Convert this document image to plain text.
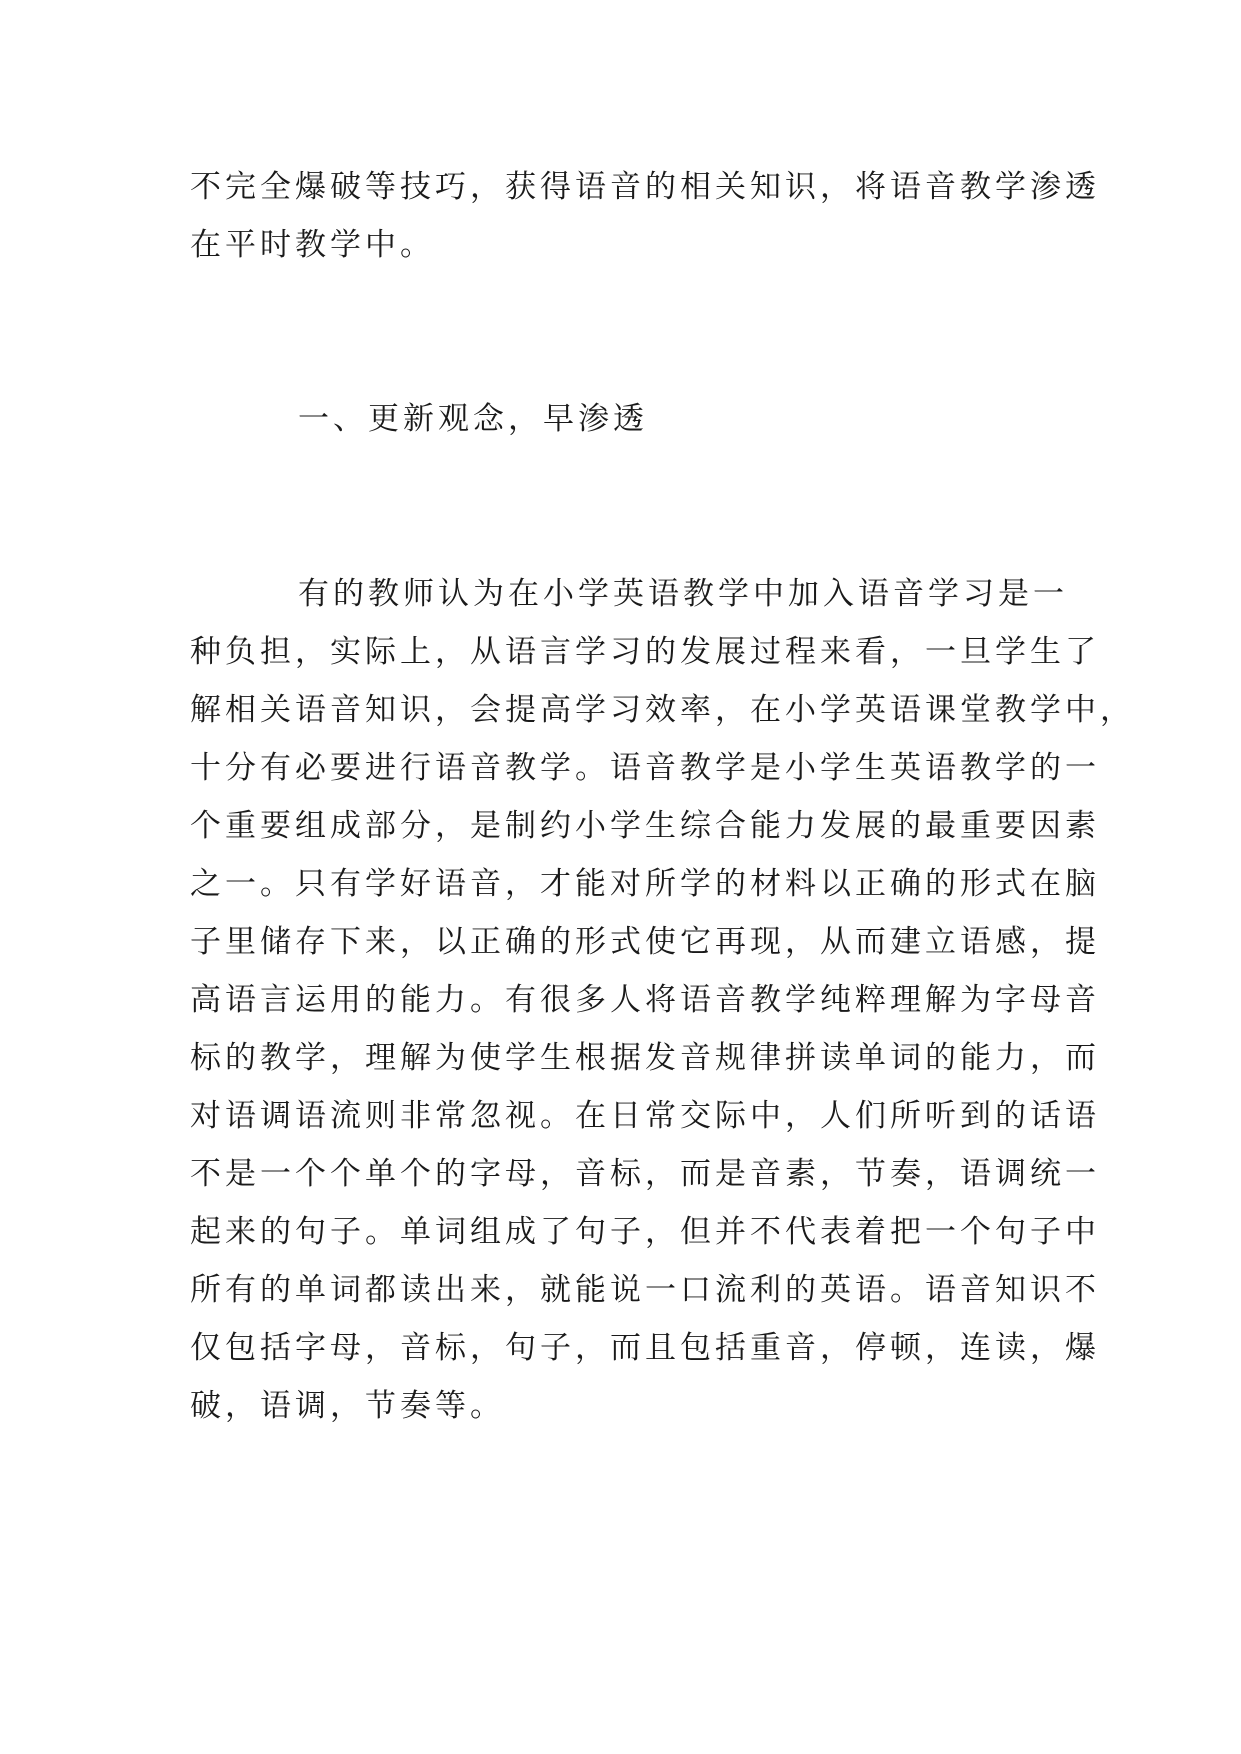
不完全爆破等技巧，获得语音的相关知识，将语音教学渗透
在平时教学中。

一、更新观念，早渗透

有的教师认为在小学英语教学中加入语音学习是一
种负担，实际上，从语言学习的发展过程来看，一旦学生了
解相关语音知识，会提高学习效率，在小学英语课堂教学中，
十分有必要进行语音教学。语音教学是小学生英语教学的一
个重要组成部分，是制约小学生综合能力发展的最重要因素
之一。只有学好语音，才能对所学的材料以正确的形式在脑
子里储存下来，以正确的形式使它再现，从而建立语感，提
高语言运用的能力。有很多人将语音教学纯粹理解为字母音
标的教学，理解为使学生根据发音规律拼读单词的能力，而
对语调语流则非常忽视。在日常交际中，人们所听到的话语
不是一个个单个的字母，音标，而是音素，节奏，语调统一
起来的句子。单词组成了句子，但并不代表着把一个句子中
所有的单词都读出来，就能说一口流利的英语。语音知识不
仅包括字母，音标，句子，而且包括重音，停顿，连读，爆
破，语调，节奏等。
